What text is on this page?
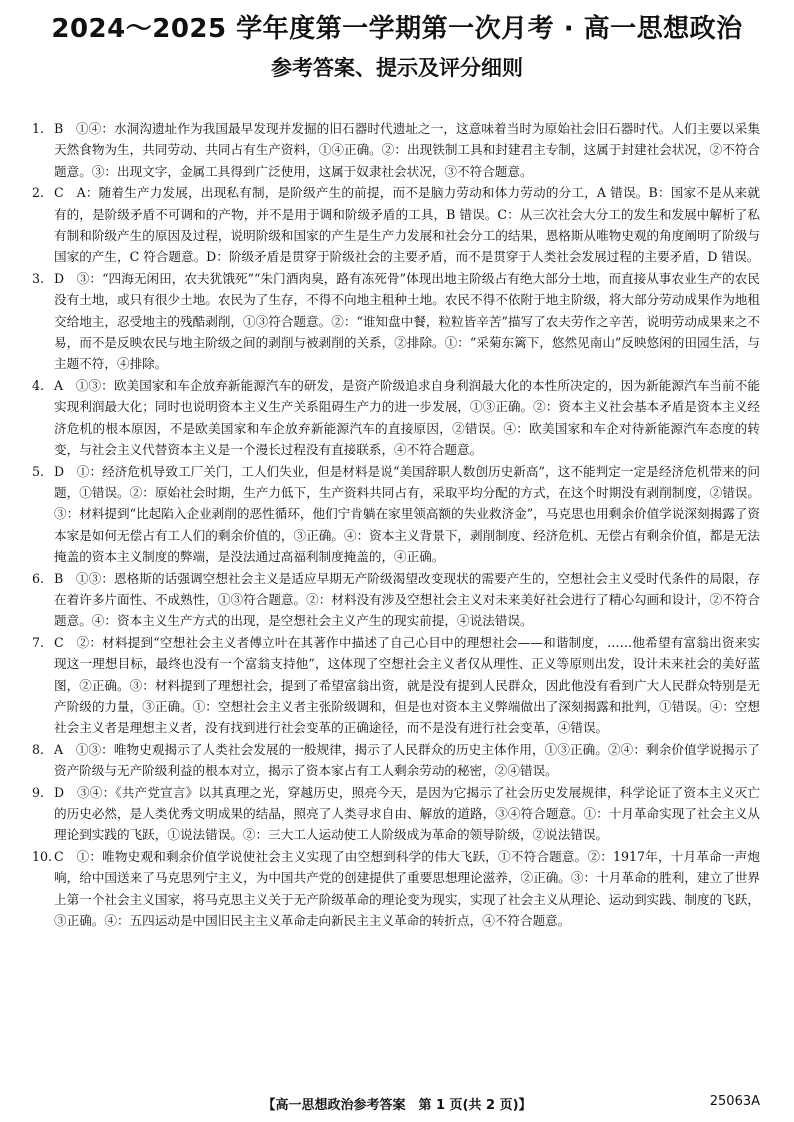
2024～2025 学年度第一学期第一次月考 · 高一思想政治
参考答案、提示及评分细则
1. B　①④：水洞沟遗址作为我国最早发现并发掘的旧石器时代遗址之一，这意味着当时为原始社会旧石器时代。人们主要以采集天然食物为生，共同劳动、共同占有生产资料，①④正确。②：出现铁制工具和封建君主专制，这属于封建社会状况，②不符合题意。③：出现文字，金属工具得到广泛使用，这属于奴隶社会状况，③不符合题意。
2. C　A：随着生产力发展，出现私有制，是阶级产生的前提，而不是脑力劳动和体力劳动的分工，A 错误。B：国家不是从来就有的，是阶级矛盾不可调和的产物，并不是用于调和阶级矛盾的工具，B 错误。C：从三次社会大分工的发生和发展中解析了私有制和阶级产生的原因及过程，说明阶级和国家的产生是生产力发展和社会分工的结果，恩格斯从唯物史观的角度阐明了阶级与国家的产生，C 符合题意。D：阶级矛盾是贯穿于阶级社会的主要矛盾，而不是贯穿于人类社会发展过程的主要矛盾，D 错误。
3. D　③：“四海无闲田，农夫犹饿死”“朱门酒肉臭，路有冻死骨”体现出地主阶级占有绝大部分土地，而直接从事农业生产的农民没有土地，或只有很少土地。农民为了生存，不得不向地主租种土地。农民不得不依附于地主阶级，将大部分劳动成果作为地租交给地主，忍受地主的残酷剥削，①③符合题意。②：“谁知盘中餐，粒粒皆辛苦”描写了农夫劳作之辛苦，说明劳动成果来之不易，而不是反映农民与地主阶级之间的剥削与被剥削的关系，②排除。①：“采菊东篱下，悠然见南山”反映悠闲的田园生活，与主题不符，④排除。
4. A　①③：欧美国家和车企放弃新能源汽车的研发，是资产阶级追求自身利润最大化的本性所决定的，因为新能源汽车当前不能实现利润最大化；同时也说明资本主义生产关系阻碍生产力的进一步发展，①③正确。②：资本主义社会基本矛盾是资本主义经济危机的根本原因，不是欧美国家和车企放弃新能源汽车的直接原因，②错误。④：欧美国家和车企对待新能源汽车态度的转变，与社会主义代替资本主义是一个漫长过程没有直接联系，④不符合题意。
5. D　①：经济危机导致工厂关门，工人们失业，但是材料是说“美国辞职人数创历史新高”，这不能判定一定是经济危机带来的问题，①错误。②：原始社会时期，生产力低下，生产资料共同占有，采取平均分配的方式，在这个时期没有剥削制度，②错误。③：材料提到“比起陷入企业剥削的恶性循环，他们宁肯躺在家里领高额的失业救济金”，马克思也用剩余价值学说深刻揭露了资本家是如何无偿占有工人们的剩余价值的，③正确。④：资本主义背景下，剥削制度、经济危机、无偿占有剩余价值，都是无法掩盖的资本主义制度的弊端，是没法通过高福利制度掩盖的，④正确。
6. B　①③：恩格斯的话强调空想社会主义是适应早期无产阶级渴望改变现状的需要产生的，空想社会主义受时代条件的局限，存在着许多片面性、不成熟性，①③符合题意。②：材料没有涉及空想社会主义对未来美好社会进行了精心勾画和设计，②不符合题意。④：资本主义生产方式的出现，是空想社会主义产生的现实前提，④说法错误。
7. C　②：材料提到“空想社会主义者傅立叶在其著作中描述了自己心目中的理想社会——和谐制度，……他希望有富翁出资来实现这一理想目标，最终也没有一个富翁支持他”，这体现了空想社会主义者仅从理性、正义等原则出发，设计未来社会的美好蓝图，②正确。③：材料提到了理想社会，提到了希望富翁出资，就是没有提到人民群众，因此他没有看到广大人民群众特别是无产阶级的力量，③正确。①：空想社会主义者主张阶级调和，但是也对资本主义弊端做出了深刻揭露和批判，①错误。④：空想社会主义者是理想主义者，没有找到进行社会变革的正确途径，而不是没有进行社会变革，④错误。
8. A　①③：唯物史观揭示了人类社会发展的一般规律，揭示了人民群众的历史主体作用，①③正确。②④：剩余价值学说揭示了资产阶级与无产阶级利益的根本对立，揭示了资本家占有工人剩余劳动的秘密，②④错误。
9. D　③④：《共产党宣言》以其真理之光，穿越历史，照亮今天，是因为它揭示了社会历史发展规律，科学论证了资本主义灭亡的历史必然，是人类优秀文明成果的结晶，照亮了人类寻求自由、解放的道路，③④符合题意。①：十月革命实现了社会主义从理论到实践的飞跃，①说法错误。②：三大工人运动使工人阶级成为革命的领导阶级，②说法错误。
10. C　①：唯物史观和剩余价值学说使社会主义实现了由空想到科学的伟大飞跃，①不符合题意。②：1917年，十月革命一声炮响，给中国送来了马克思列宁主义，为中国共产党的创建提供了重要思想理论滋养，②正确。③：十月革命的胜利，建立了世界上第一个社会主义国家，将马克思主义关于无产阶级革命的理论变为现实，实现了社会主义从理论、运动到实践、制度的飞跃，③正确。④：五四运动是中国旧民主主义革命走向新民主主义革命的转折点，④不符合题意。
【高一思想政治参考答案　第 1 页(共 2 页)】	25063A
